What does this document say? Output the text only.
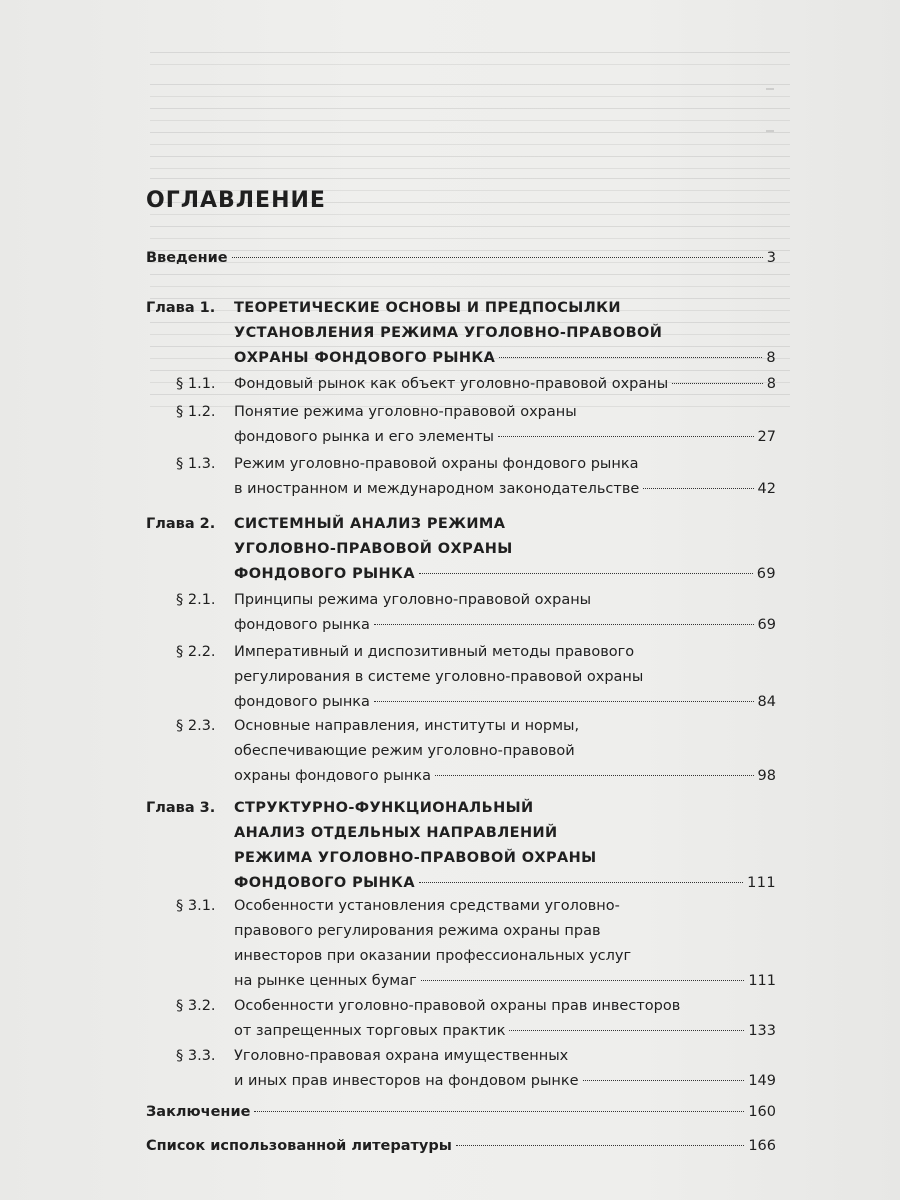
ОГЛАВЛЕНИЕ
Введение	3
Глава 1. ТЕОРЕТИЧЕСКИЕ ОСНОВЫ И ПРЕДПОСЫЛКИ
УСТАНОВЛЕНИЯ РЕЖИМА УГОЛОВНО-ПРАВОВОЙ
ОХРАНЫ ФОНДОВОГО РЫНКА	8
§ 1.1. Фондовый рынок как объект уголовно-правовой охраны	8
§ 1.2. Понятие режима уголовно-правовой охраны
фондового рынка и его элементы	27
§ 1.3. Режим уголовно-правовой охраны фондового рынка
в иностранном и международном законодательстве	42
Глава 2. СИСТЕМНЫЙ АНАЛИЗ РЕЖИМА
УГОЛОВНО-ПРАВОВОЙ ОХРАНЫ
ФОНДОВОГО РЫНКА	69
§ 2.1. Принципы режима уголовно-правовой охраны
фондового рынка	69
§ 2.2. Императивный и диспозитивный методы правового
регулирования в системе уголовно-правовой охраны
фондового рынка	84
§ 2.3. Основные направления, институты и нормы,
обеспечивающие режим уголовно-правовой
охраны фондового рынка	98
Глава 3. СТРУКТУРНО-ФУНКЦИОНАЛЬНЫЙ
АНАЛИЗ ОТДЕЛЬНЫХ НАПРАВЛЕНИЙ
РЕЖИМА УГОЛОВНО-ПРАВОВОЙ ОХРАНЫ
ФОНДОВОГО РЫНКА	111
§ 3.1. Особенности установления средствами уголовно-
правового регулирования режима охраны прав
инвесторов при оказании профессиональных услуг
на рынке ценных бумаг	111
§ 3.2. Особенности уголовно-правовой охраны прав инвесторов
от запрещенных торговых практик	133
§ 3.3. Уголовно-правовая охрана имущественных
и иных прав инвесторов на фондовом рынке	149
Заключение	160
Список использованной литературы	166
